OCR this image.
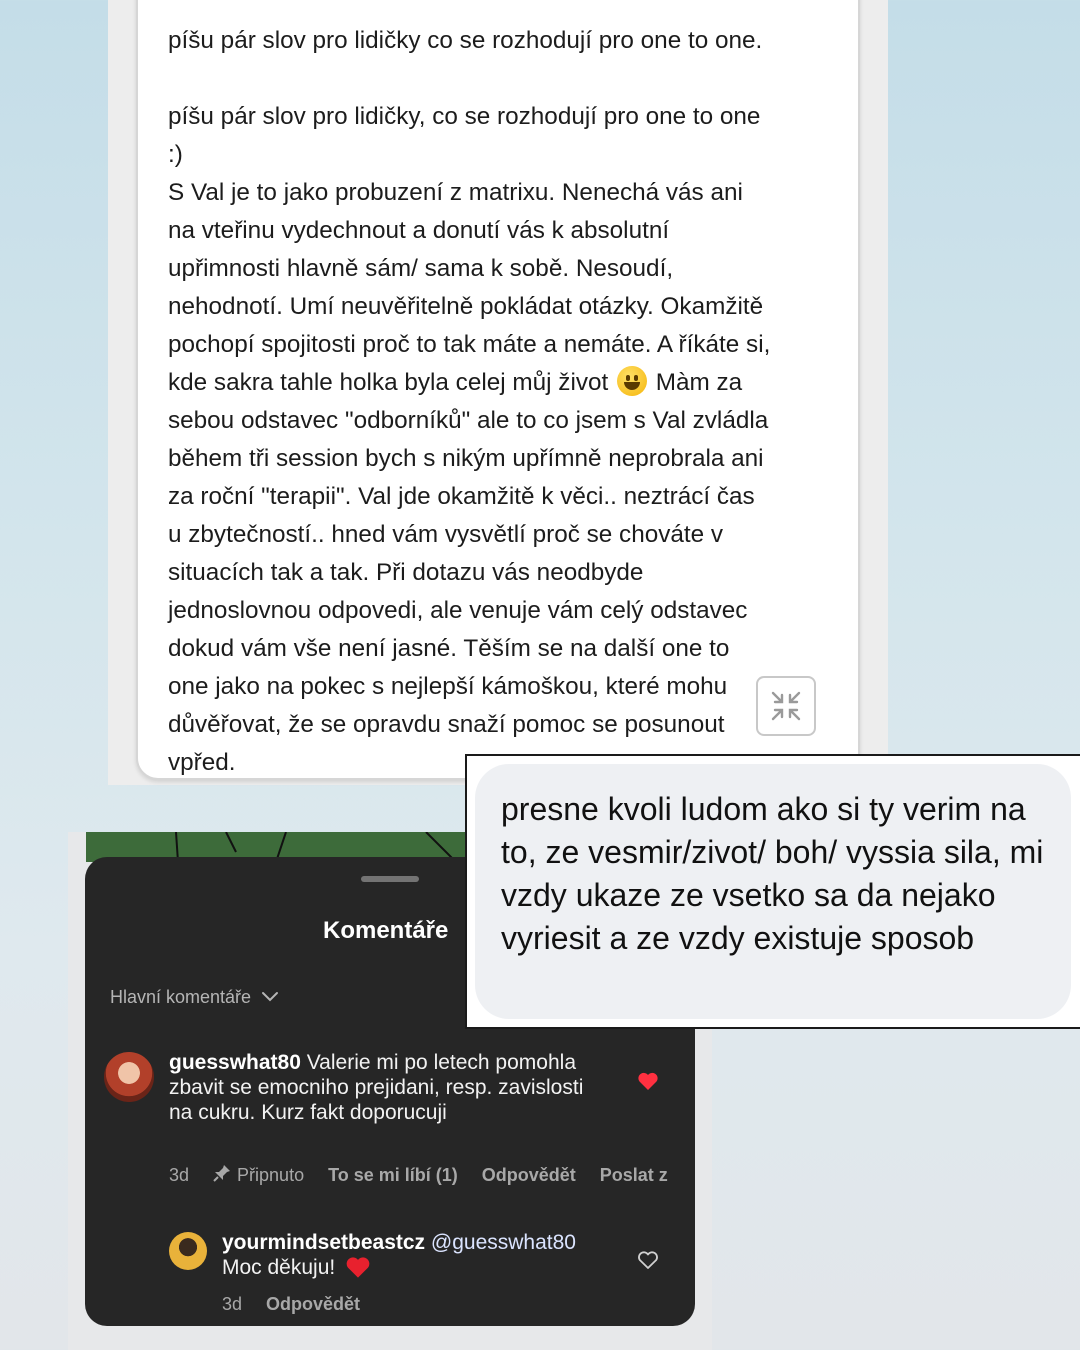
píšu pár slov pro lidičky co se rozhodují pro one to one.

píšu pár slov pro lidičky, co se rozhodují pro one to one
:)
S Val je to jako probuzení z matrixu. Nenechá vás ani
na vteřinu vydechnout a donutí vás k absolutní
upřimnosti hlavně sám/ sama k sobě. Nesoudí,
nehodnotí. Umí neuvěřitelně pokládat otázky. Okamžitě
pochopí spojitosti proč to tak máte a nemáte. A říkáte si,
kde sakra tahle holka byla celej můj život
Màm za
sebou odstavec "odborníků" ale to co jsem s Val zvládla
během tři session bych s nikým upřímně neprobrala ani
za roční "terapii". Val jde okamžitě k věci.. neztrácí čas
u zbytečností.. hned vám vysvětlí proč se chováte v
situacích tak a tak. Při dotazu vás neodbyde
jednoslovnou odpovedi, ale venuje vám celý odstavec
dokud vám vše není jasné. Těším se na další one to
one jako na pokec s nejlepší kámoškou, které mohu
důvěřovat, že se opravdu snaží pomoc se posunout
vpřed.

Komentáře
Hlavní komentáře
guesswhat80 Valerie mi po letech pomohla zbavit se emocniho prejidani, resp. zavislosti na cukru. Kurz fakt doporucuji
3d	Připnuto To se mi líbí (1) Odpovědět Poslat z
yourmindsetbeastcz @guesswhat80
Moc děkuju!
3d Odpovědět
presne kvoli ludom ako si ty verim na to, ze vesmir/zivot/ boh/ vyssia sila, mi vzdy ukaze ze vsetko sa da nejako vyriesit a ze vzdy existuje sposob
